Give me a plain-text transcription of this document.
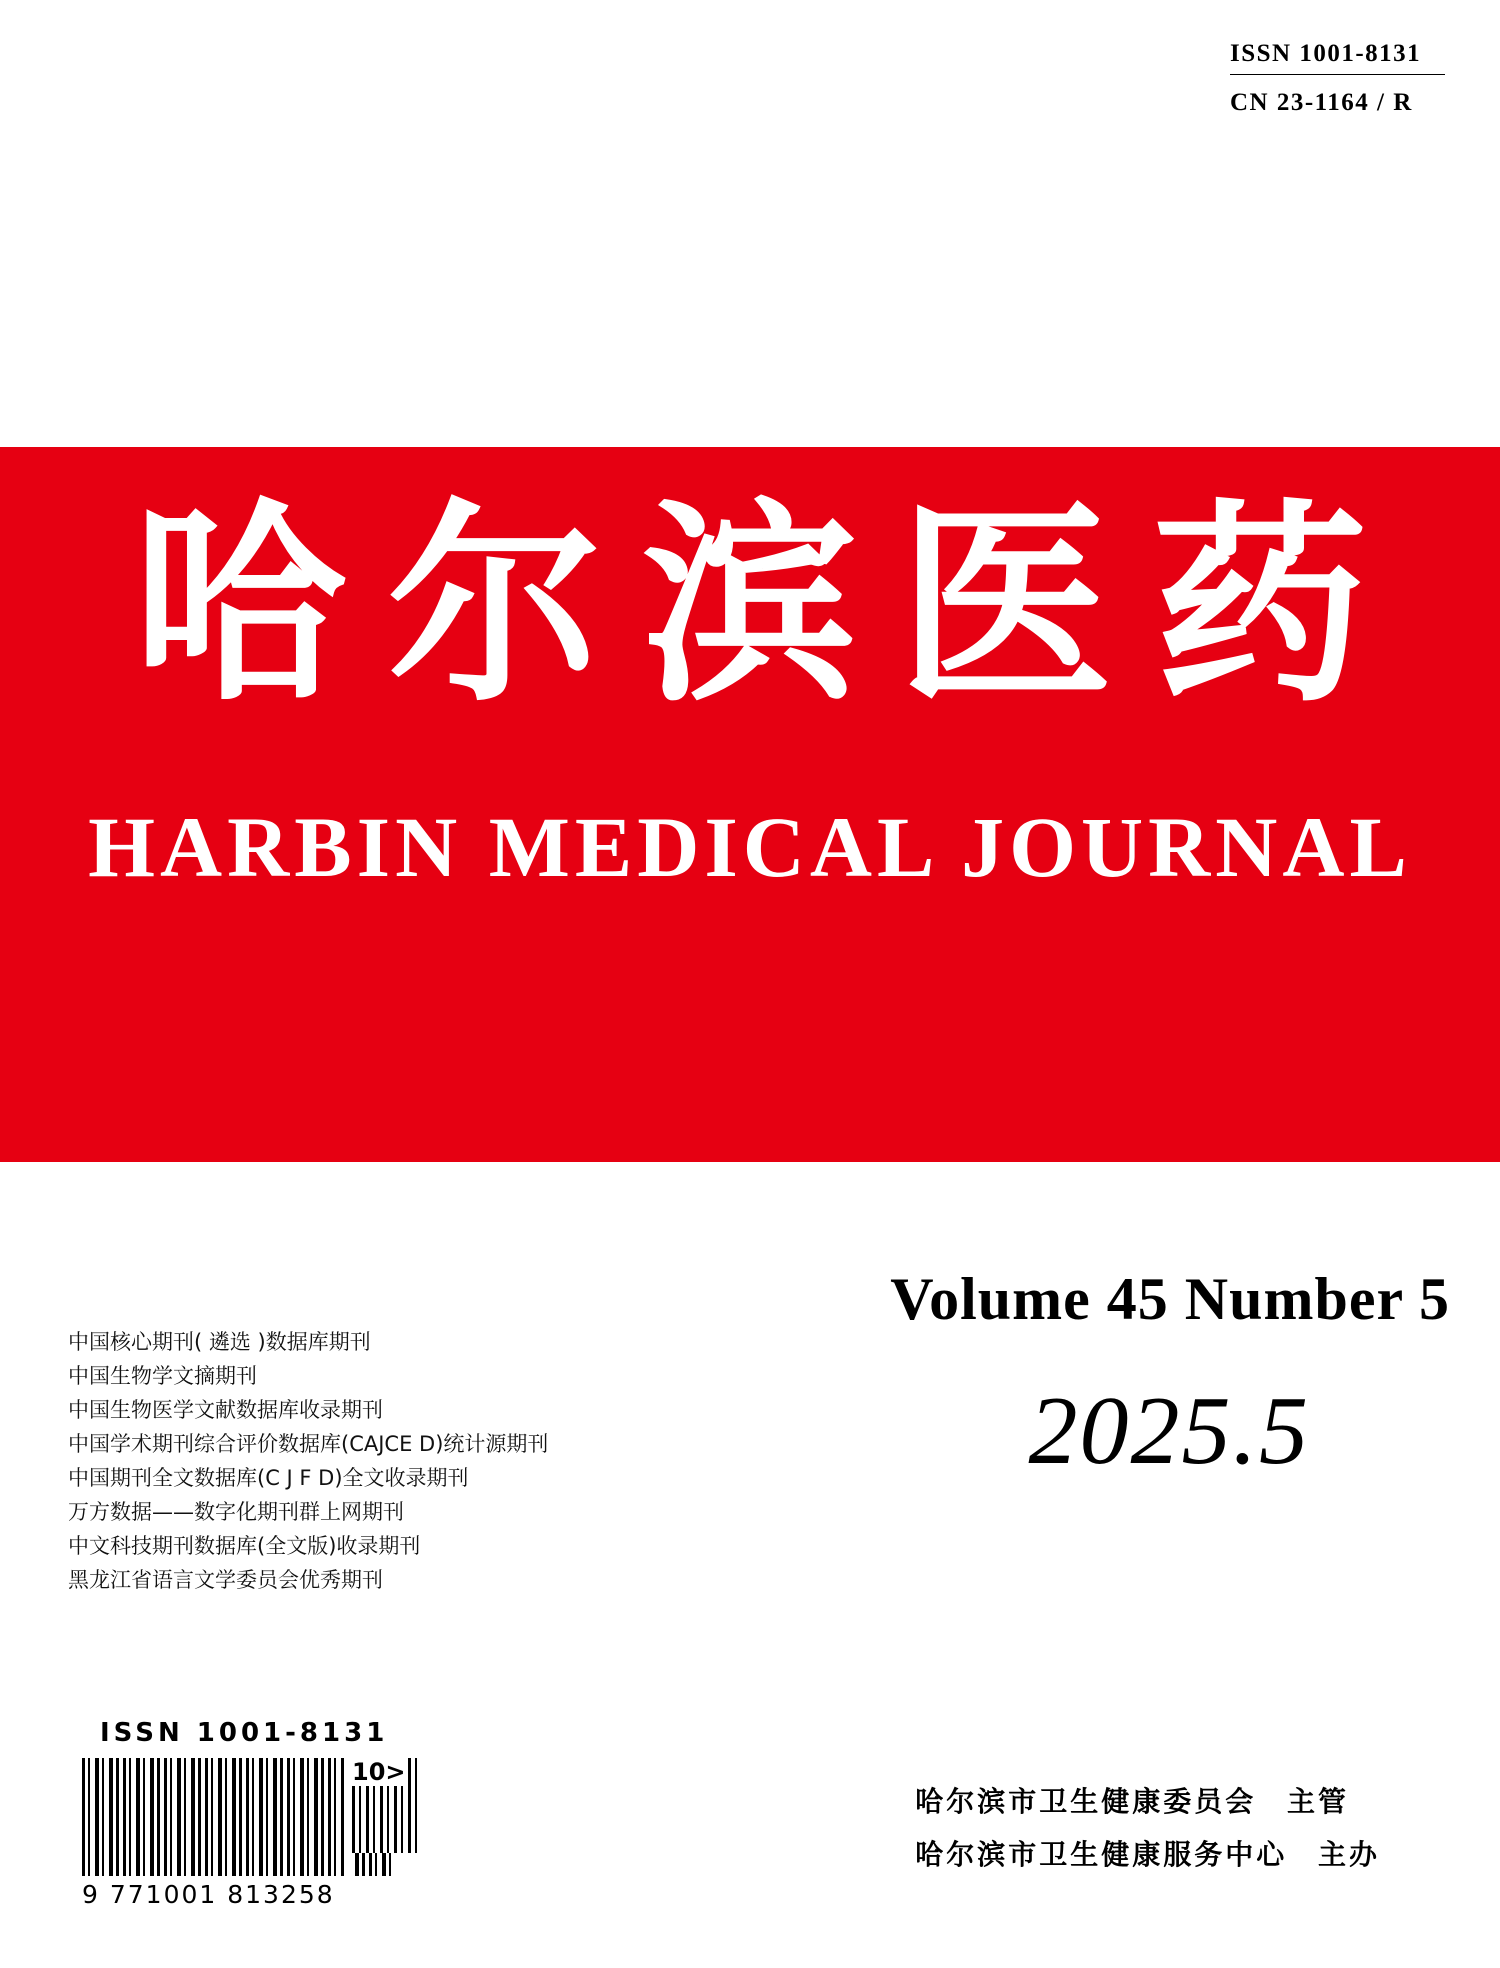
ISSN 1001-8131
CN 23-1164 / R
哈尔滨医药
HARBIN MEDICAL JOURNAL
Volume 45 Number 5
2025.5
中国核心期刊( 遴选 )数据库期刊
中国生物学文摘期刊
中国生物医学文献数据库收录期刊
中国学术期刊综合评价数据库(CAJCE D)统计源期刊
中国期刊全文数据库(C J F D)全文收录期刊
万方数据——数字化期刊群上网期刊
中文科技期刊数据库(全文版)收录期刊
黑龙江省语言文学委员会优秀期刊
ISSN 1001-8131
10>
9 771001 813258
哈尔滨市卫生健康委员会 主管
哈尔滨市卫生健康服务中心 主办
